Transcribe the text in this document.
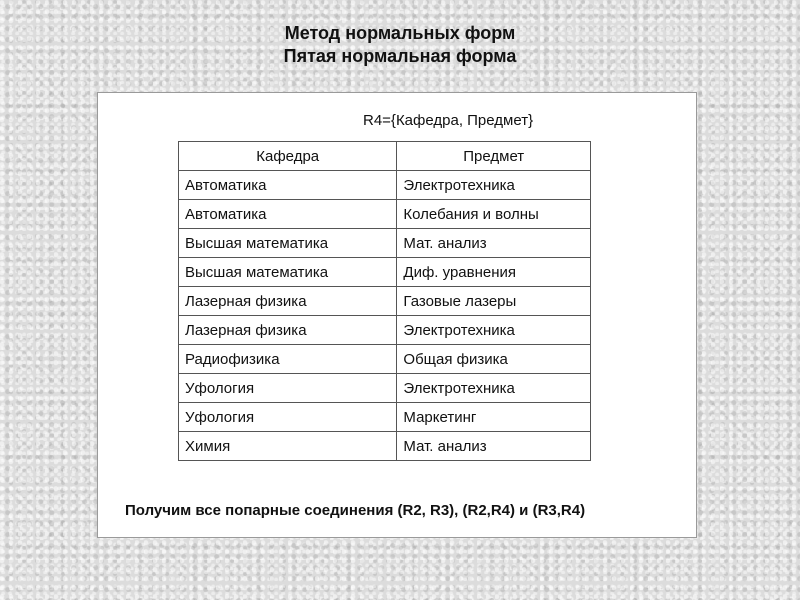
Метод нормальных форм
Пятая нормальная форма
R4={Кафедра, Предмет}
Кафедра	Предмет
Автоматика	Электротехника
Автоматика	Колебания и волны
Высшая математика	Мат. анализ
Высшая математика	Диф. уравнения
Лазерная физика	Газовые лазеры
Лазерная физика	Электротехника
Радиофизика	Общая физика
Уфология	Электротехника
Уфология	Маркетинг
Химия	Мат. анализ
Получим все попарные соединения (R2, R3), (R2,R4) и (R3,R4)
